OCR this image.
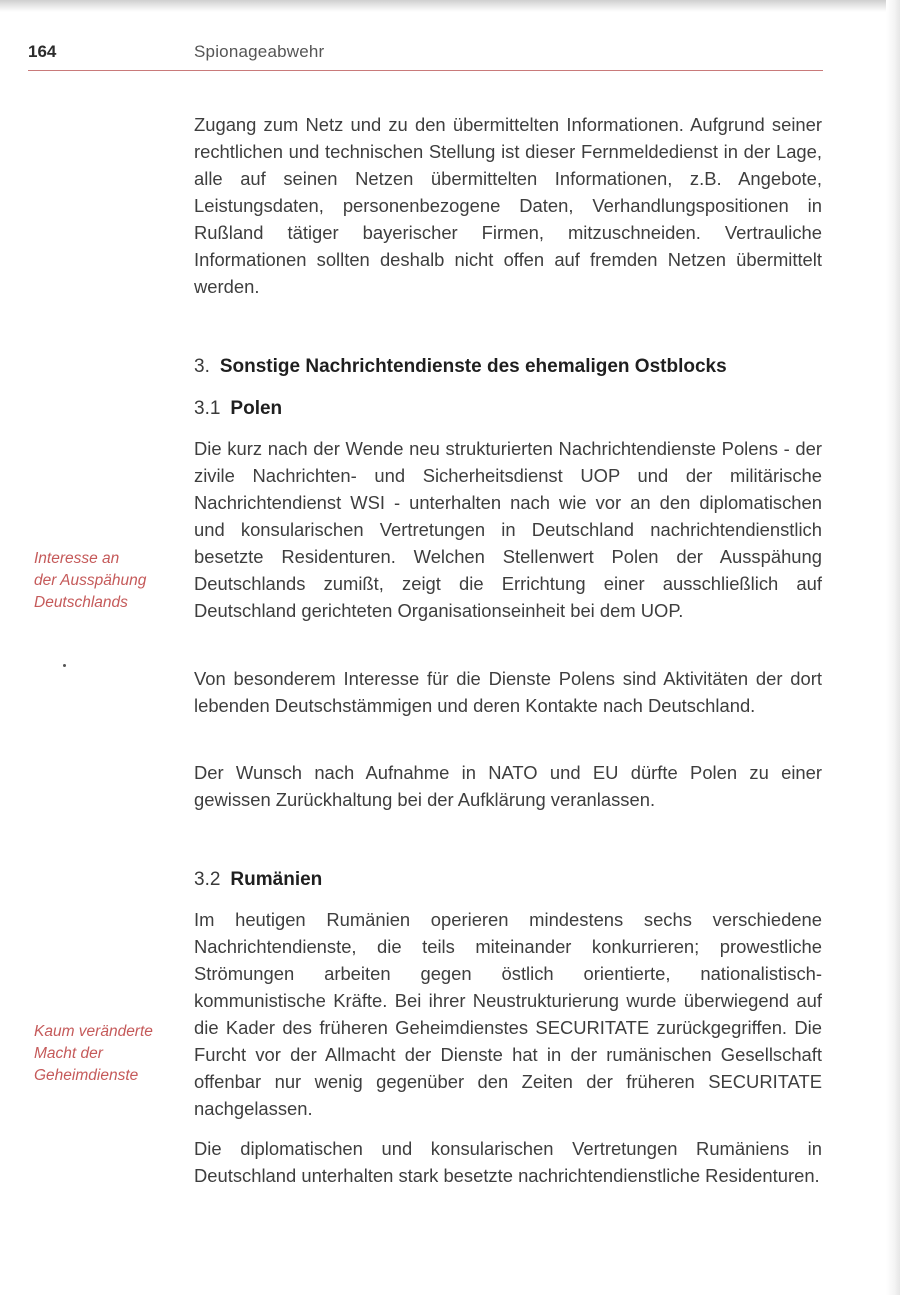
164	Spionageabwehr

Zugang zum Netz und zu den übermittelten Informationen. Aufgrund seiner rechtlichen und technischen Stellung ist dieser Fernmeldedienst in der Lage, alle auf seinen Netzen übermittelten Informationen, z.B. Angebote, Leistungsdaten, personenbezogene Daten, Verhandlungspositionen in Rußland tätiger bayerischer Firmen, mitzuschneiden. Vertrauliche Informationen sollten deshalb nicht offen auf fremden Netzen übermittelt werden.

3. Sonstige Nachrichtendienste des ehemaligen Ostblocks
3.1 Polen

Die kurz nach der Wende neu strukturierten Nachrichtendienste Polens - der zivile Nachrichten- und Sicherheitsdienst UOP und der militärische Nachrichtendienst WSI - unterhalten nach wie vor an den diplomatischen und konsularischen Vertretungen in Deutschland nachrichtendienstlich besetzte Residenturen. Welchen Stellenwert Polen der Ausspähung Deutschlands zumißt, zeigt die Errichtung einer ausschließlich auf Deutschland gerichteten Organisationseinheit bei dem UOP.

Interesse an
der Ausspähung
Deutschlands

Von besonderem Interesse für die Dienste Polens sind Aktivitäten der dort lebenden Deutschstämmigen und deren Kontakte nach Deutschland.

Der Wunsch nach Aufnahme in NATO und EU dürfte Polen zu einer gewissen Zurückhaltung bei der Aufklärung veranlassen.

3.2 Rumänien

Im heutigen Rumänien operieren mindestens sechs verschiedene Nachrichtendienste, die teils miteinander konkurrieren; prowestliche Strömungen arbeiten gegen östlich orientierte, nationalistisch-kommunistische Kräfte. Bei ihrer Neustrukturierung wurde überwiegend auf die Kader des früheren Geheimdienstes SECURITATE zurückgegriffen. Die Furcht vor der Allmacht der Dienste hat in der rumänischen Gesellschaft offenbar nur wenig gegenüber den Zeiten der früheren SECURITATE nachgelassen.

Kaum veränderte
Macht der
Geheimdienste

Die diplomatischen und konsularischen Vertretungen Rumäniens in Deutschland unterhalten stark besetzte nachrichtendienstliche Residenturen.
